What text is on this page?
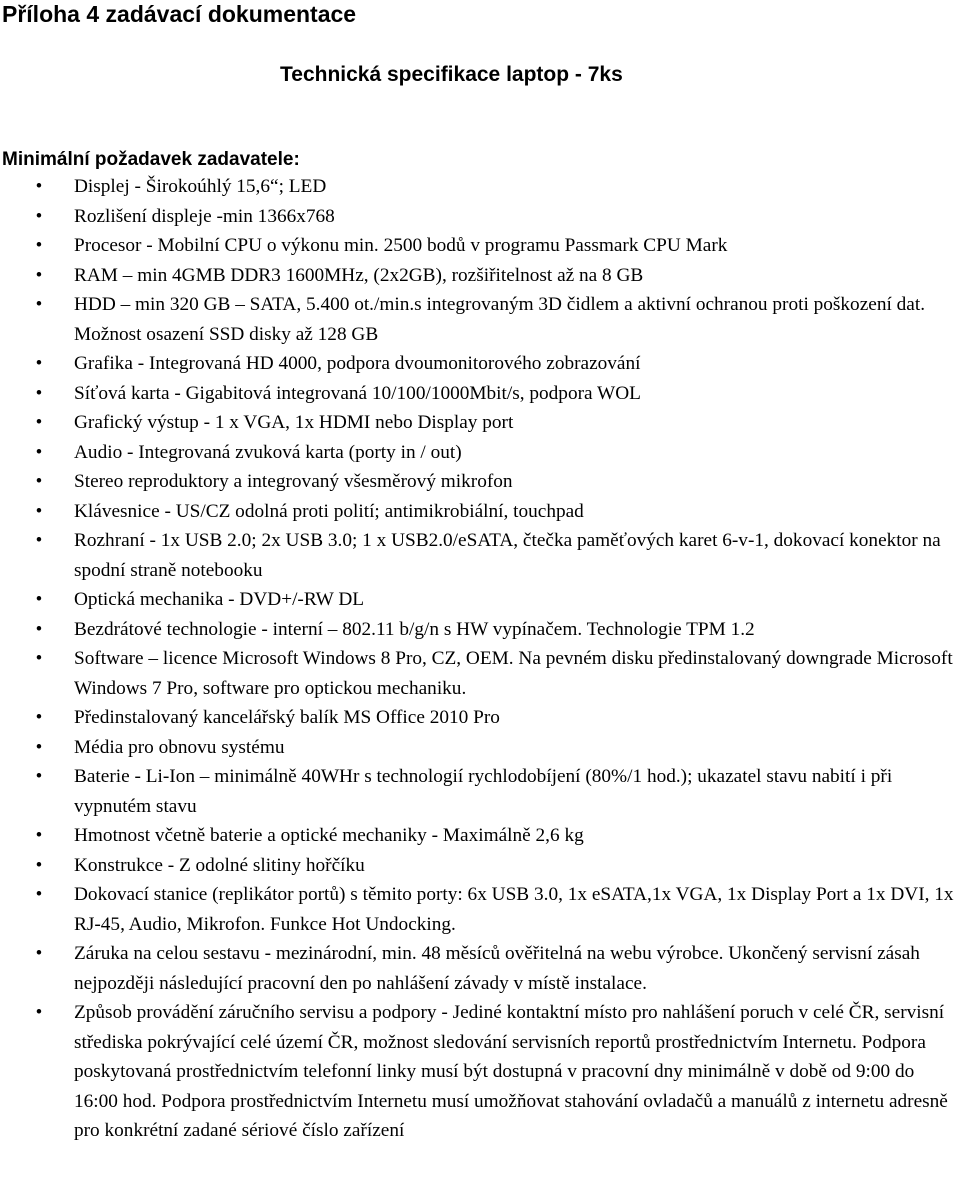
Příloha 4 zadávací dokumentace
Technická specifikace laptop - 7ks
Minimální požadavek zadavatele:
• Displej - Širokoúhlý 15,6“; LED
• Rozlišení displeje -min 1366x768
• Procesor - Mobilní CPU o výkonu min. 2500 bodů v programu Passmark CPU Mark
• RAM – min 4GMB DDR3 1600MHz, (2x2GB), rozšiřitelnost až na 8 GB
• HDD – min 320 GB – SATA, 5.400 ot./min.s integrovaným 3D čidlem a aktivní ochranou proti poškození dat. Možnost osazení SSD disky až 128 GB
• Grafika - Integrovaná HD 4000, podpora dvoumonitorového zobrazování
• Síťová karta - Gigabitová integrovaná 10/100/1000Mbit/s, podpora WOL
• Grafický výstup - 1 x VGA, 1x HDMI nebo Display port
• Audio - Integrovaná zvuková karta (porty in / out)
• Stereo reproduktory a integrovaný všesměrový mikrofon
• Klávesnice - US/CZ odolná proti polití; antimikrobiální, touchpad
• Rozhraní - 1x USB 2.0; 2x USB 3.0; 1 x USB2.0/eSATA, čtečka paměťových karet 6-v-1, dokovací konektor na spodní straně notebooku
• Optická mechanika - DVD+/-RW DL
• Bezdrátové technologie - interní – 802.11 b/g/n s HW vypínačem. Technologie TPM 1.2
• Software – licence Microsoft Windows 8 Pro, CZ, OEM. Na pevném disku předinstalovaný downgrade Microsoft Windows 7 Pro, software pro optickou mechaniku.
• Předinstalovaný kancelářský balík MS Office 2010 Pro
• Média pro obnovu systému
• Baterie - Li-Ion – minimálně 40WHr s technologií rychlodobíjení (80%/1 hod.); ukazatel stavu nabití i při vypnutém stavu
• Hmotnost včetně baterie a optické mechaniky - Maximálně 2,6 kg
• Konstrukce - Z odolné slitiny hořčíku
• Dokovací stanice (replikátor portů) s těmito porty: 6x USB 3.0, 1x eSATA,1x VGA, 1x Display Port a 1x DVI, 1x RJ-45, Audio, Mikrofon. Funkce Hot Undocking.
• Záruka na celou sestavu - mezinárodní, min. 48 měsíců ověřitelná na webu výrobce. Ukončený servisní zásah nejpozději následující pracovní den po nahlášení závady v místě instalace.
• Způsob provádění záručního servisu a podpory - Jediné kontaktní místo pro nahlášení poruch v celé ČR, servisní střediska pokrývající celé území ČR, možnost sledování servisních reportů prostřednictvím Internetu. Podpora poskytovaná prostřednictvím telefonní linky musí být dostupná v pracovní dny minimálně v době od 9:00 do 16:00 hod. Podpora prostřednictvím Internetu musí umožňovat stahování ovladačů a manuálů z internetu adresně pro konkrétní zadané sériové číslo zařízení
